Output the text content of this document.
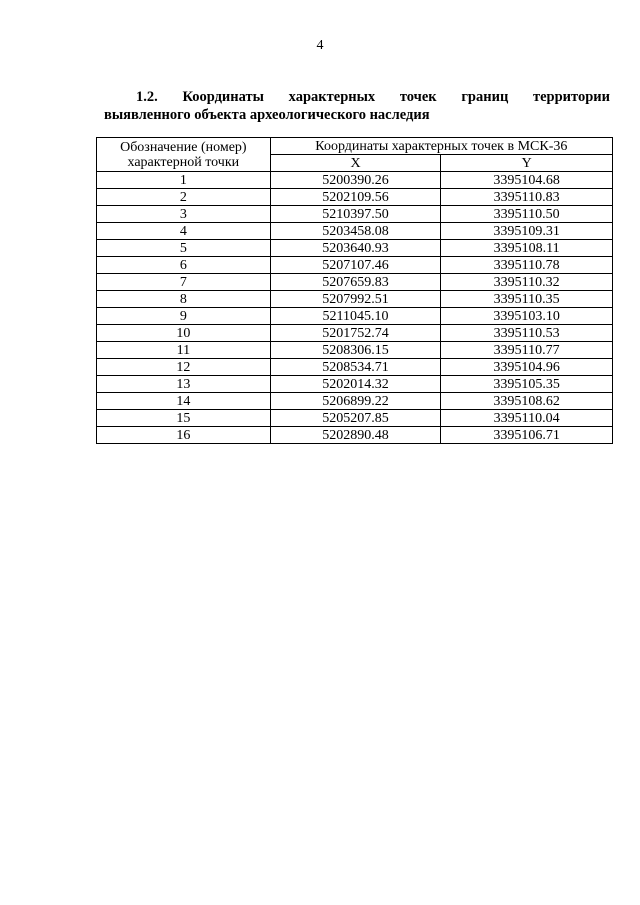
4
1.2. Координаты характерных точек границ территории
выявленного объекта археологического наследия
Обозначение (номер)
характерной точки	Координаты характерных точек в МСК-36	
	X	Y
1	5200390.26	3395104.68
2	5202109.56	3395110.83
3	5210397.50	3395110.50
4	5203458.08	3395109.31
5	5203640.93	3395108.11
6	5207107.46	3395110.78
7	5207659.83	3395110.32
8	5207992.51	3395110.35
9	5211045.10	3395103.10
10	5201752.74	3395110.53
11	5208306.15	3395110.77
12	5208534.71	3395104.96
13	5202014.32	3395105.35
14	5206899.22	3395108.62
15	5205207.85	3395110.04
16	5202890.48	3395106.71
